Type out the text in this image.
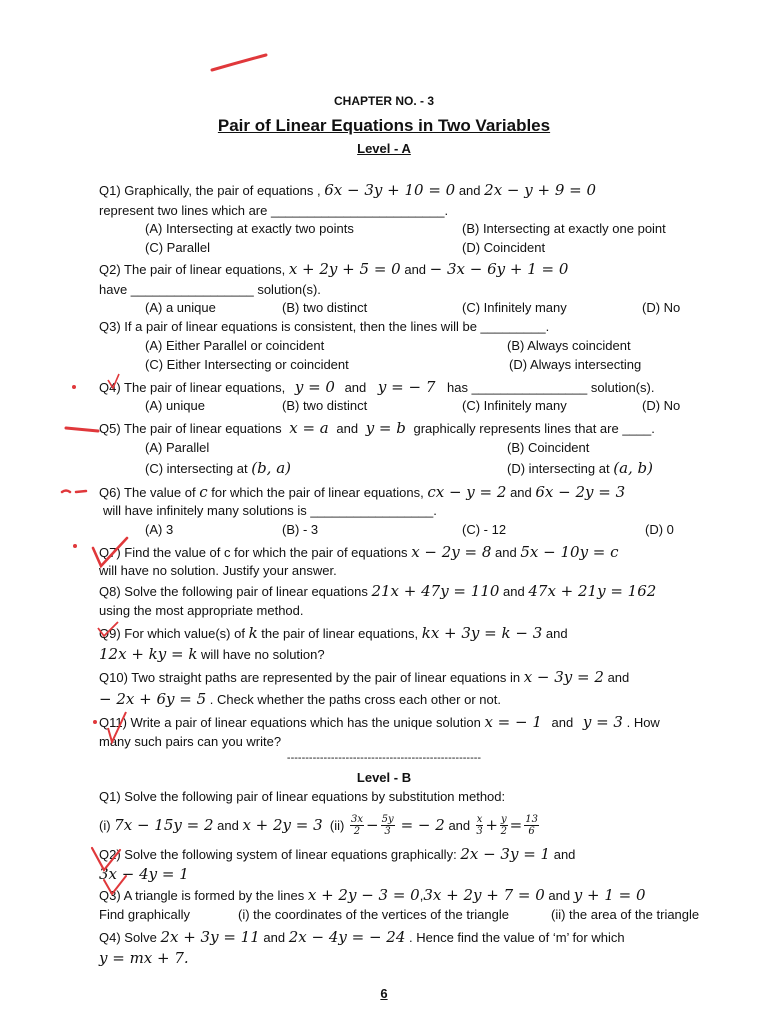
CHAPTER NO. - 3
Pair of Linear Equations in Two Variables
Level - A
Q1) Graphically, the pair of equations , 6x − 3y + 10 = 0 and 2x − y + 9 = 0
represent two lines which are ________________________.
(A) Intersecting at exactly two points	(B) Intersecting at exactly one point
(C) Parallel	(D) Coincident
Q2) The pair of linear equations, x + 2y + 5 = 0 and − 3x − 6y + 1 = 0
have _________________ solution(s).
(A) a unique	(B) two distinct	(C) Infinitely many	(D) No
Q3) If a pair of linear equations is consistent, then the lines will be _________.
(A) Either Parallel or coincident	(B) Always coincident
(C) Either Intersecting or coincident	(D) Always intersecting
Q4) The pair of linear equations, y = 0 and y = − 7 has ________________ solution(s).
(A) unique	(B) two distinct	(C) Infinitely many	(D) No
Q5) The pair of linear equations x = a and y = b graphically represents lines that are ____.
(A) Parallel	(B) Coincident
(C) intersecting at (b, a)	(D) intersecting at (a, b)
Q6) The value of c for which the pair of linear equations, cx − y = 2 and 6x − 2y = 3
will have infinitely many solutions is _________________.
(A) 3	(B) - 3	(C) - 12	(D) 0
Q7) Find the value of c for which the pair of equations x − 2y = 8 and 5x − 10y = c
will have no solution. Justify your answer.
Q8) Solve the following pair of linear equations 21x + 47y = 110 and 47x + 21y = 162
using the most appropriate method.
Q9) For which value(s) of k the pair of linear equations, kx + 3y = k − 3 and
12x + ky = k will have no solution?
Q10) Two straight paths are represented by the pair of linear equations in x − 3y = 2 and
− 2x + 6y = 5 . Check whether the paths cross each other or not.
Q11) Write a pair of linear equations which has the unique solution x = − 1 and y = 3 . How
many such pairs can you write?
-----------------------------------------------------
Level - B
Q1) Solve the following pair of linear equations by substitution method:
(i)
7x − 15y = 2
and
x + 2y = 3
(ii)
$\frac{3x}{2} - \frac{5y}{3}$ = − 2
and
$\frac{x}{3} + \frac{y}{2} = \frac{13}{6}$
Q2) Solve the following system of linear equations graphically: 2x − 3y = 1 and
3x − 4y = 1
Q3) A triangle is formed by the lines x + 2y − 3 = 0,3x + 2y + 7 = 0 and y + 1 = 0
Find graphically	(i) the coordinates of the vertices of the triangle	(ii) the area of the triangle
Q4) Solve 2x + 3y = 11 and 2x − 4y = − 24 . Hence find the value of ‘m’ for which
y = mx + 7.
6
